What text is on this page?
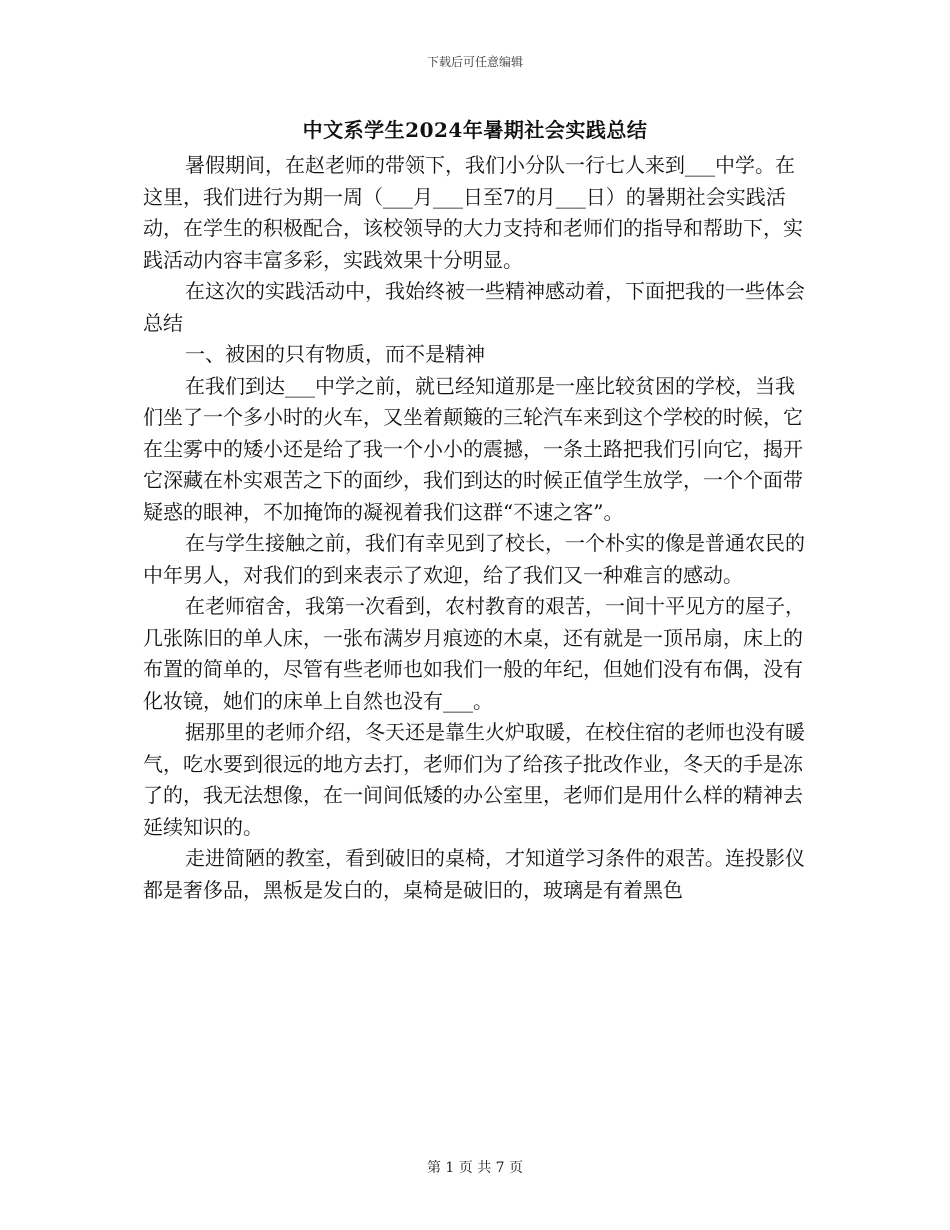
下载后可任意编辑
中文系学生2024年暑期社会实践总结

暑假期间，在赵老师的带领下，我们小分队一行七人来到___中学。在这里，我们进行为期一周（___月___日至7的月___日）的暑期社会实践活动，在学生的积极配合，该校领导的大力支持和老师们的指导和帮助下，实践活动内容丰富多彩，实践效果十分明显。

在这次的实践活动中，我始终被一些精神感动着，下面把我的一些体会总结

一、被困的只有物质，而不是精神

在我们到达___中学之前，就已经知道那是一座比较贫困的学校，当我们坐了一个多小时的火车，又坐着颠簸的三轮汽车来到这个学校的时候，它在尘雾中的矮小还是给了我一个小小的震撼，一条土路把我们引向它，揭开它深藏在朴实艰苦之下的面纱，我们到达的时候正值学生放学，一个个面带疑惑的眼神，不加掩饰的凝视着我们这群“不速之客”。

在与学生接触之前，我们有幸见到了校长，一个朴实的像是普通农民的中年男人，对我们的到来表示了欢迎，给了我们又一种难言的感动。

在老师宿舍，我第一次看到，农村教育的艰苦，一间十平见方的屋子，几张陈旧的单人床，一张布满岁月痕迹的木桌，还有就是一顶吊扇，床上的布置的简单的，尽管有些老师也如我们一般的年纪，但她们没有布偶，没有化妆镜，她们的床单上自然也没有___。

据那里的老师介绍，冬天还是靠生火炉取暖，在校住宿的老师也没有暖气，吃水要到很远的地方去打，老师们为了给孩子批改作业，冬天的手是冻了的，我无法想像，在一间间低矮的办公室里，老师们是用什么样的精神去延续知识的。

走进简陋的教室，看到破旧的桌椅，才知道学习条件的艰苦。连投影仪都是奢侈品，黑板是发白的，桌椅是破旧的，玻璃是有着黑色

第 1 页 共 7 页
